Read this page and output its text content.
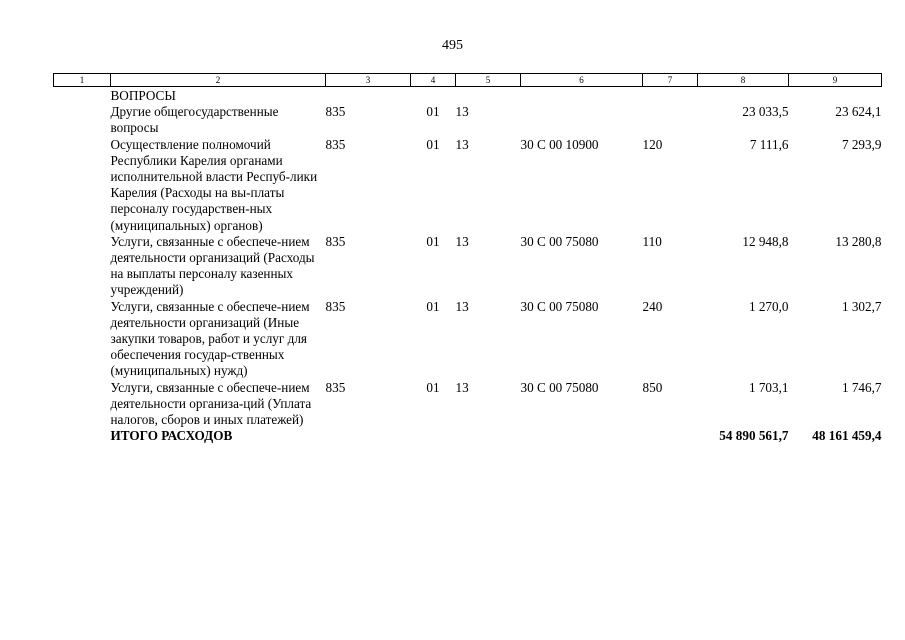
495
1	2	3	4	5	6	7	8	9
	ВОПРОСЫ							
	Другие общегосударственные вопросы	835	01	13			23 033,5	23 624,1
	Осуществление полномочий Республики Карелия органами исполнительной власти Респуб-лики Карелия (Расходы на вы-платы персоналу государствен-ных (муниципальных) органов)	835	01	13	30 С 00 10900	120	7 111,6	7 293,9
	Услуги, связанные с обеспече-нием деятельности организаций (Расходы на выплаты персоналу казенных учреждений)	835	01	13	30 С 00 75080	110	12 948,8	13 280,8
	Услуги, связанные с обеспече-нием деятельности организаций (Иные закупки товаров, работ и услуг для обеспечения государ-ственных (муниципальных) нужд)	835	01	13	30 С 00 75080	240	1 270,0	1 302,7
	Услуги, связанные с обеспече-нием деятельности организа-ций (Уплата налогов, сборов и иных платежей)	835	01	13	30 С 00 75080	850	1 703,1	1 746,7
	ИТОГО РАСХОДОВ						54 890 561,7	48 161 459,4
